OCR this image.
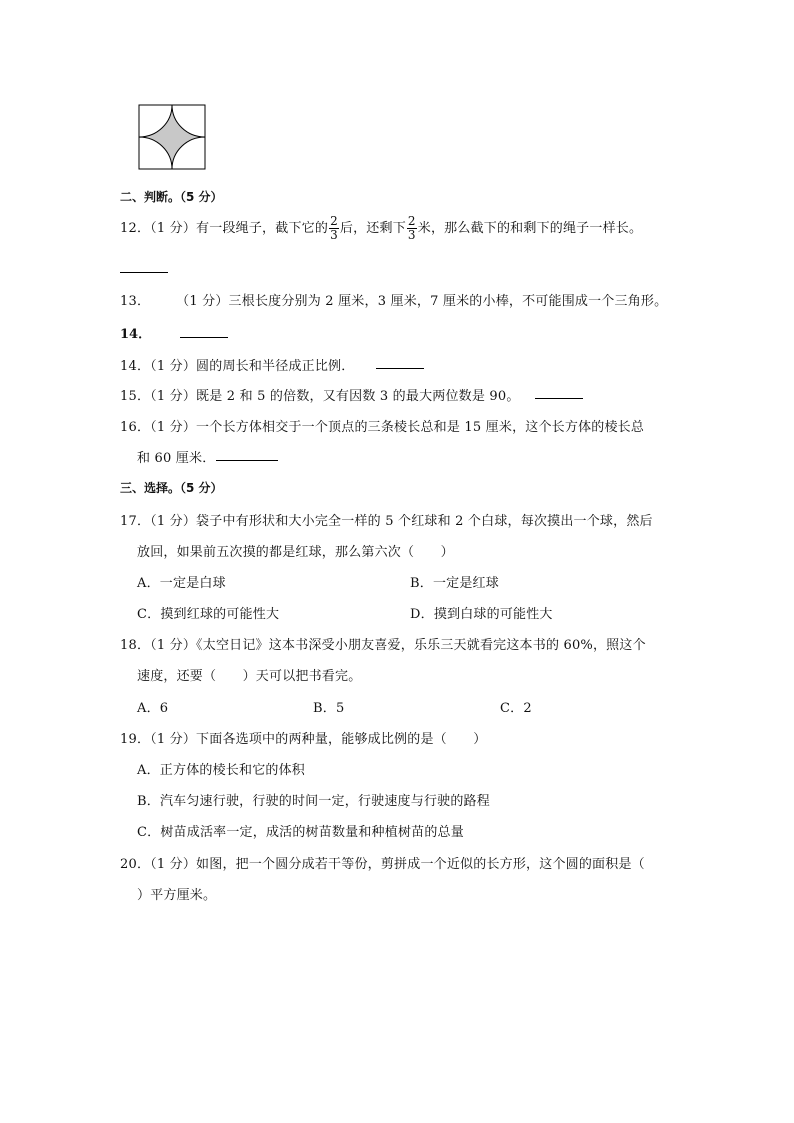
二、判断。（5 分）
12．（1 分）有一段绳子，截下它的 $\frac{2}{3}$ 后，还剩下 $\frac{2}{3}$ 米，那么截下的和剩下的绳子一样长。
13． （1 分）三根长度分别为 2 厘米，3 厘米，7 厘米的小棒，不可能围成一个三角形。
14．
14．（1 分）圆的周长和半径成正比例．
15．（1 分）既是 2 和 5 的倍数，又有因数 3 的最大两位数是 90。
16．（1 分）一个长方体相交于一个顶点的三条棱长总和是 15 厘米，这个长方体的棱长总
和 60 厘米．
三、选择。（5 分）
17．（1 分）袋子中有形状和大小完全一样的 5 个红球和 2 个白球，每次摸出一个球，然后
放回，如果前五次摸的都是红球，那么第六次（　　）
A．一定是白球	B．一定是红球
C．摸到红球的可能性大	D．摸到白球的可能性大
18．（1 分）《太空日记》这本书深受小朋友喜爱，乐乐三天就看完这本书的 60%，照这个
速度，还要（　　）天可以把书看完。
A．6	B．5	C．2
19．（1 分）下面各选项中的两种量，能够成比例的是（　　）
A．正方体的棱长和它的体积
B．汽车匀速行驶，行驶的时间一定，行驶速度与行驶的路程
C．树苗成活率一定，成活的树苗数量和种植树苗的总量
20．（1 分）如图，把一个圆分成若干等份，剪拼成一个近似的长方形，这个圆的面积是（
）平方厘米。
